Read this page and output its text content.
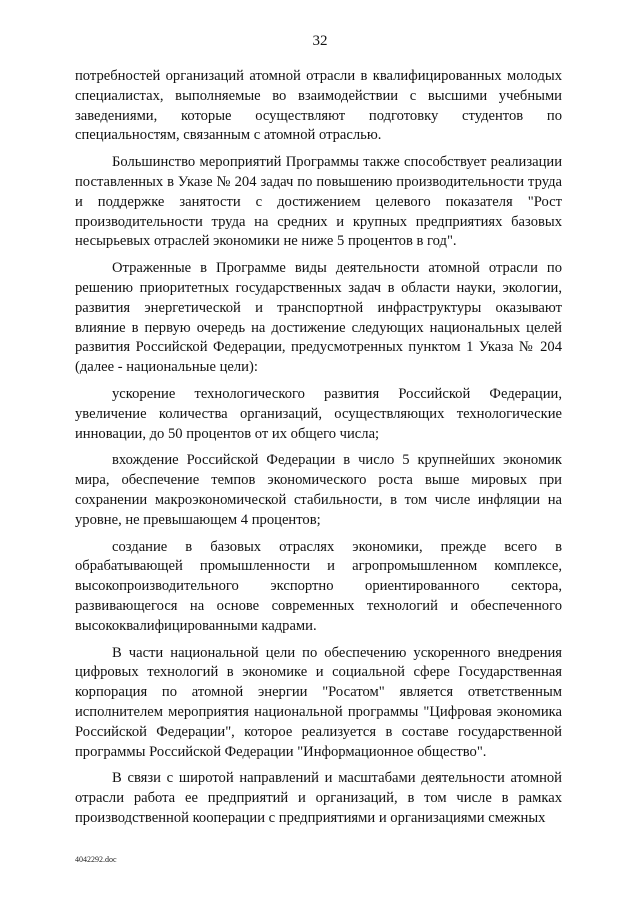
32

потребностей организаций атомной отрасли в квалифицированных молодых специалистах, выполняемые во взаимодействии с высшими учебными заведениями, которые осуществляют подготовку студентов по специальностям, связанным с атомной отраслью.

Большинство мероприятий Программы также способствует реализации поставленных в Указе № 204 задач по повышению производительности труда и поддержке занятости с достижением целевого показателя "Рост производительности труда на средних и крупных предприятиях базовых несырьевых отраслей экономики не ниже 5 процентов в год".

Отраженные в Программе виды деятельности атомной отрасли по решению приоритетных государственных задач в области науки, экологии, развития энергетической и транспортной инфраструктуры оказывают влияние в первую очередь на достижение следующих национальных целей развития Российской Федерации, предусмотренных пунктом 1 Указа № 204 (далее - национальные цели):

ускорение технологического развития Российской Федерации, увеличение количества организаций, осуществляющих технологические инновации, до 50 процентов от их общего числа;

вхождение Российской Федерации в число 5 крупнейших экономик мира, обеспечение темпов экономического роста выше мировых при сохранении макроэкономической стабильности, в том числе инфляции на уровне, не превышающем 4 процентов;

создание в базовых отраслях экономики, прежде всего в обрабатывающей промышленности и агропромышленном комплексе, высокопроизводительного экспортно ориентированного сектора, развивающегося на основе современных технологий и обеспеченного высококвалифицированными кадрами.

В части национальной цели по обеспечению ускоренного внедрения цифровых технологий в экономике и социальной сфере Государственная корпорация по атомной энергии "Росатом" является ответственным исполнителем мероприятия национальной программы "Цифровая экономика Российской Федерации", которое реализуется в составе государственной программы Российской Федерации "Информационное общество".

В связи с широтой направлений и масштабами деятельности атомной отрасли работа ее предприятий и организаций, в том числе в рамках производственной кооперации с предприятиями и организациями смежных

4042292.doc
